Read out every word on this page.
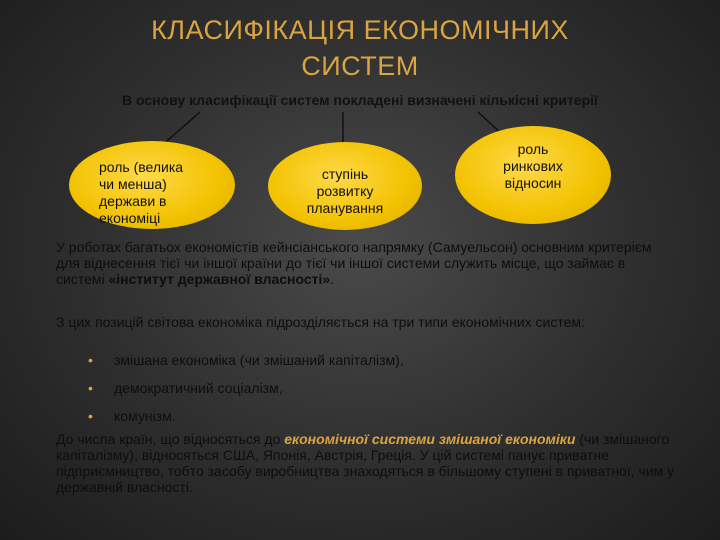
КЛАСИФІКАЦІЯ ЕКОНОМІЧНИХ
СИСТЕМ
В основу класифікації систем покладені визначені кількісні критерії
роль (велика
чи менша)
держави в
економіці
ступінь
розвитку
планування
роль
ринкових
відносин
У роботах багатьох економістів кейнсіанського напрямку (Самуельсон) основним критерієм для віднесення тієї чи іншої країни до тієї чи іншої системи служить місце, що займає в системі «інститут державної власності».
З цих позицій світова економіка підрозділяється на три типи економічних систем:
•	змішана економіка (чи змішаний капіталізм),
•	демократичний соціалізм,
•	комунізм.
До числа країн, що відносяться до економічної системи змішаної економіки (чи змішаного капіталізму), відносяться США, Японія, Австрія, Греція. У цій системі панує приватне підприємництво, тобто засобу виробництва знаходяться в більшому ступені в приватної, чим у державній власності.
